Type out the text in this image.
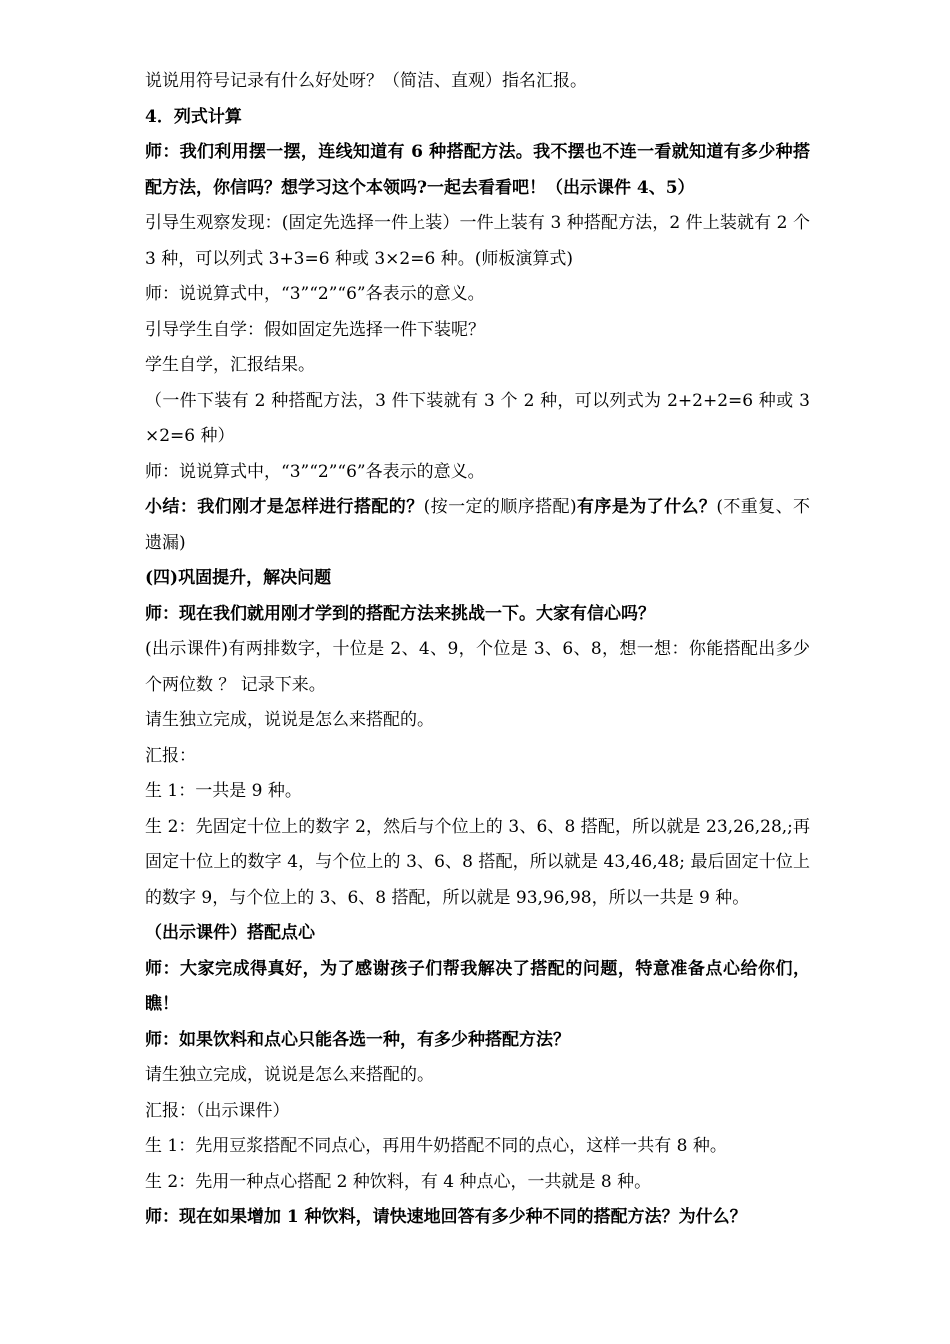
说说用符号记录有什么好处呀？（简洁、直观）指名汇报。

4．列式计算

师：我们利用摆一摆，连线知道有 6 种搭配方法。我不摆也不连一看就知道有多少种搭配方法，你信吗？想学习这个本领吗?一起去看看吧！（出示课件 4、5）

引导生观察发现：(固定先选择一件上装）一件上装有 3 种搭配方法，2 件上装就有 2 个 3 种，可以列式 3+3=6 种或 3×2=6 种。(师板演算式)

师：说说算式中，“3”“2”“6”各表示的意义。

引导学生自学：假如固定先选择一件下装呢？

学生自学，汇报结果。

（一件下装有 2 种搭配方法，3 件下装就有 3 个 2 种，可以列式为 2+2+2=6 种或 3×2=6 种）

师：说说算式中，“3”“2”“6”各表示的意义。

小结：我们刚才是怎样进行搭配的？(按一定的顺序搭配)有序是为了什么？(不重复、不遗漏)

(四)巩固提升，解决问题

师：现在我们就用刚才学到的搭配方法来挑战一下。大家有信心吗？

(出示课件)有两排数字，十位是 2、4、9，个位是 3、6、8，想一想：你能搭配出多少个两位数 ？ 记录下来。

请生独立完成，说说是怎么来搭配的。

汇报：

生 1：一共是 9 种。

生 2：先固定十位上的数字 2，然后与个位上的 3、6、8 搭配，所以就是 23,26,28,;再固定十位上的数字 4，与个位上的 3、6、8 搭配，所以就是 43,46,48; 最后固定十位上的数字 9，与个位上的 3、6、8 搭配，所以就是 93,96,98，所以一共是 9 种。

（出示课件）搭配点心

师：大家完成得真好，为了感谢孩子们帮我解决了搭配的问题，特意准备点心给你们，瞧！

师：如果饮料和点心只能各选一种，有多少种搭配方法？

请生独立完成，说说是怎么来搭配的。

汇报：（出示课件）

生 1：先用豆浆搭配不同点心，再用牛奶搭配不同的点心，这样一共有 8 种。

生 2：先用一种点心搭配 2 种饮料，有 4 种点心，一共就是 8 种。

师：现在如果增加 1 种饮料，请快速地回答有多少种不同的搭配方法？为什么？
